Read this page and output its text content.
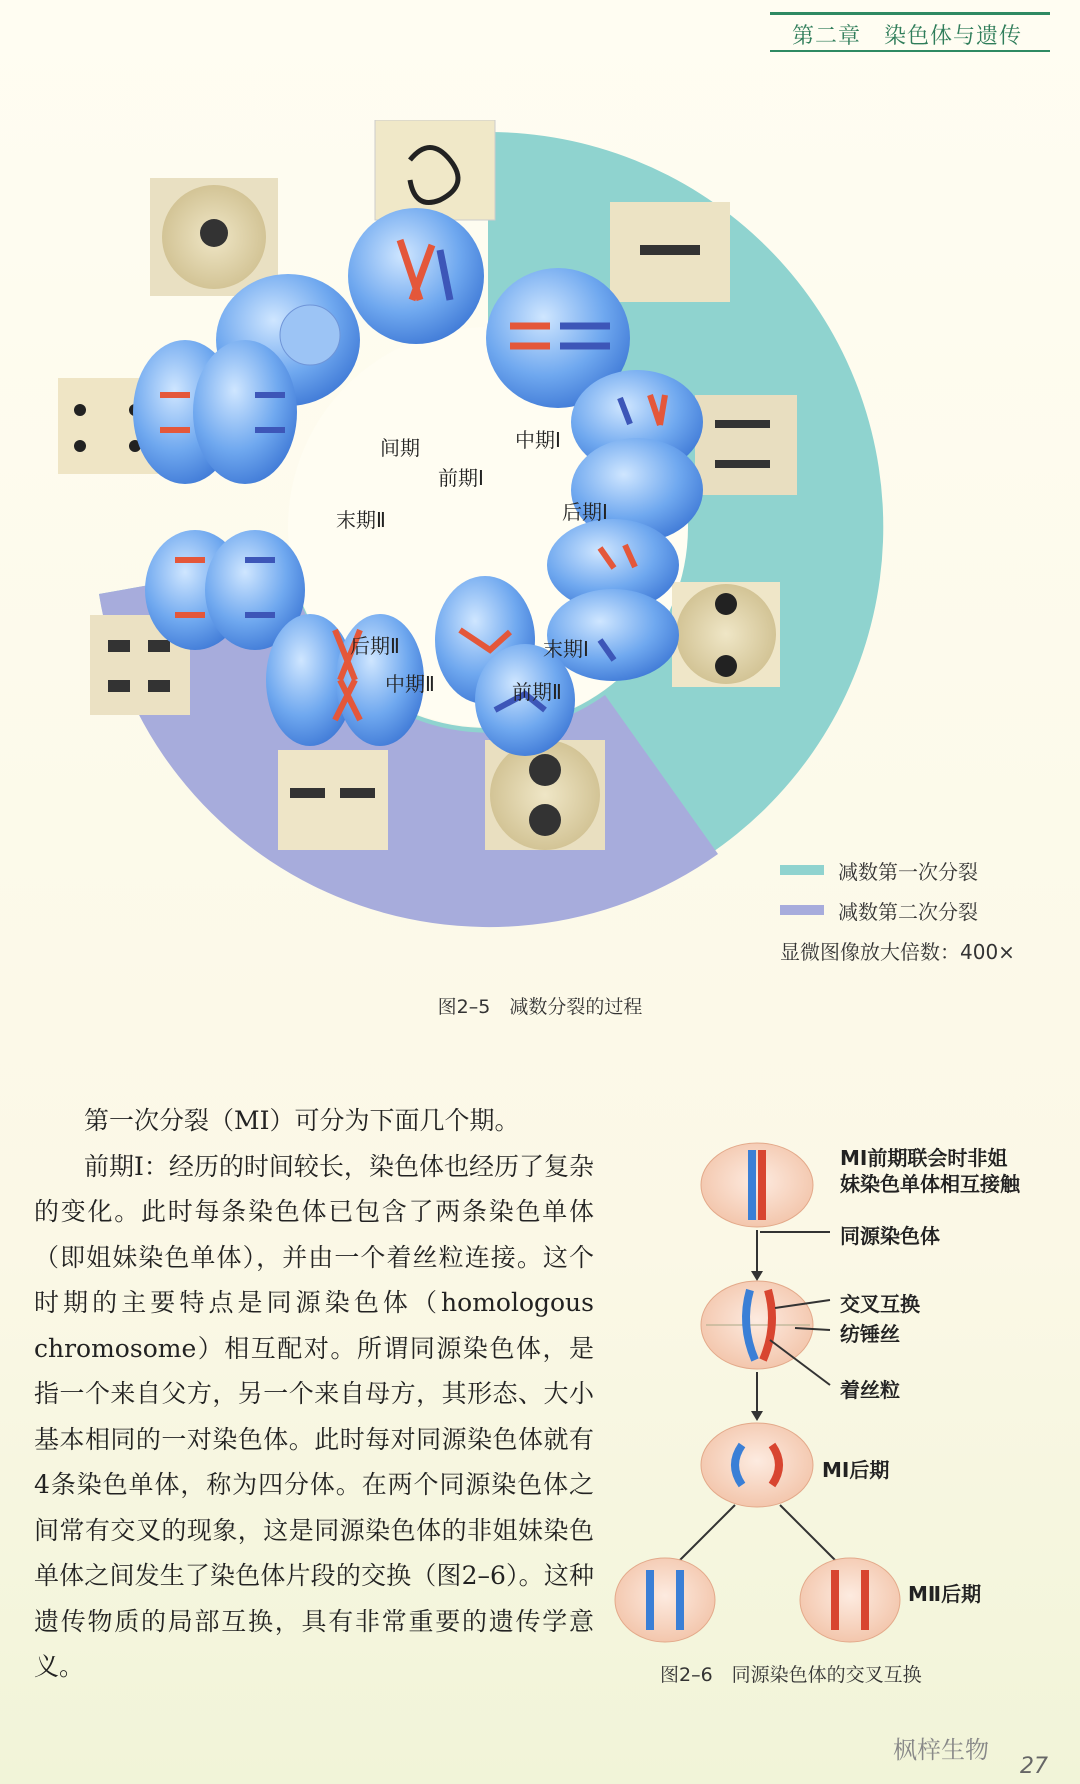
第二章　染色体与遗传
前期Ⅰ
间期	中期Ⅰ
后期Ⅰ
末期Ⅱ
后期Ⅱ	末期Ⅰ
中期Ⅱ	前期Ⅱ
减数第一次分裂
减数第二次分裂
显微图像放大倍数：400×
图2–5　减数分裂的过程

第一次分裂（MⅠ）可分为下面几个期。

前期Ⅰ：经历的时间较长，染色体也经历了复杂的变化。此时每条染色体已包含了两条染色单体（即姐妹染色单体），并由一个着丝粒连接。这个时期的主要特点是同源染色体（homologous chromosome）相互配对。所谓同源染色体，是指一个来自父方，另一个来自母方，其形态、大小基本相同的一对染色体。此时每对同源染色体就有4条染色单体，称为四分体。在两个同源染色体之间常有交叉的现象，这是同源染色体的非姐妹染色单体之间发生了染色体片段的交换（图2–6）。这种遗传物质的局部互换，具有非常重要的遗传学意义。

MⅠ前期联会时非姐
妹染色单体相互接触
同源染色体
交叉互换
纺锤丝
着丝粒
MⅠ后期
MⅡ后期
图2–6　同源染色体的交叉互换
枫梓生物
27
